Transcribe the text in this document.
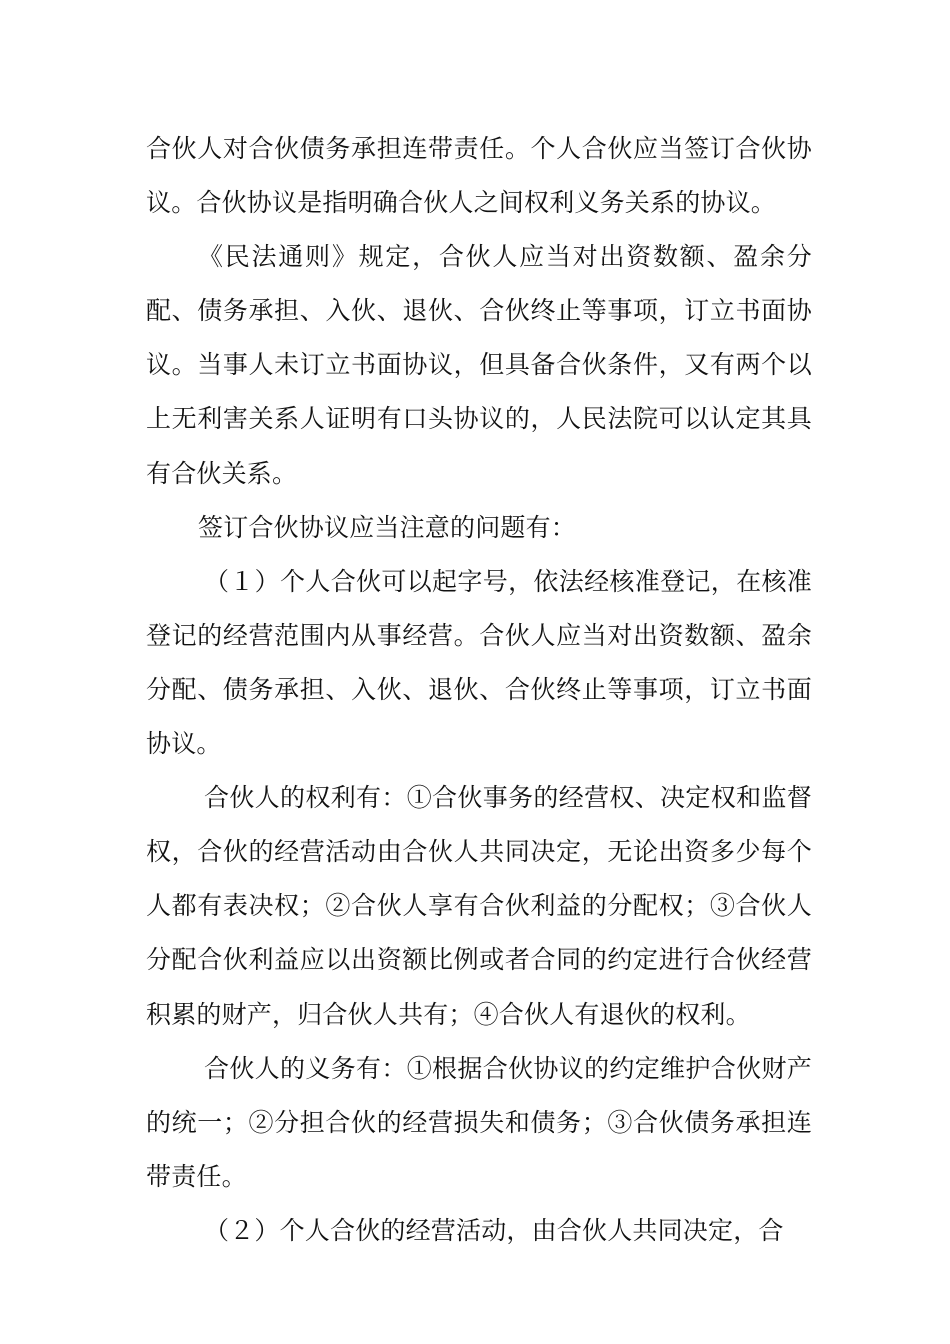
合伙人对合伙债务承担连带责任。个人合伙应当签订合伙协议。合伙协议是指明确合伙人之间权利义务关系的协议。

《民法通则》规定，合伙人应当对出资数额、盈余分配、债务承担、入伙、退伙、合伙终止等事项，订立书面协议。当事人未订立书面协议，但具备合伙条件，又有两个以上无利害关系人证明有口头协议的，人民法院可以认定其具有合伙关系。

签订合伙协议应当注意的问题有：

（１）个人合伙可以起字号，依法经核准登记，在核准登记的经营范围内从事经营。合伙人应当对出资数额、盈余分配、债务承担、入伙、退伙、合伙终止等事项，订立书面协议。

合伙人的权利有：①合伙事务的经营权、决定权和监督权，合伙的经营活动由合伙人共同决定，无论出资多少每个人都有表决权；②合伙人享有合伙利益的分配权；③合伙人分配合伙利益应以出资额比例或者合同的约定进行合伙经营积累的财产，归合伙人共有；④合伙人有退伙的权利。

合伙人的义务有：①根据合伙协议的约定维护合伙财产的统一；②分担合伙的经营损失和债务；③合伙债务承担连带责任。

（２）个人合伙的经营活动，由合伙人共同决定，合
